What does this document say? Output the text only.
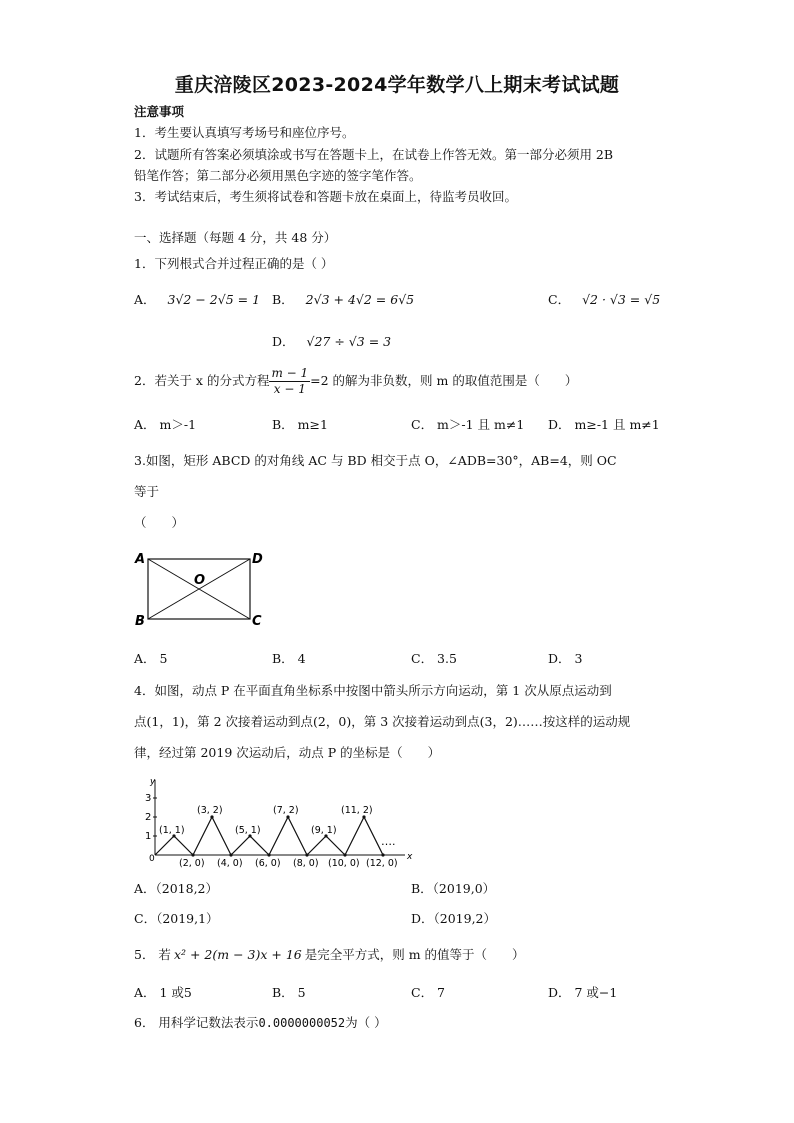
重庆涪陵区2023-2024学年数学八上期末考试试题
注意事项
1．考生要认真填写考场号和座位序号。
2．试题所有答案必须填涂或书写在答题卡上，在试卷上作答无效。第一部分必须用 2B
铅笔作答；第二部分必须用黑色字迹的签字笔作答。
3．考试结束后，考生须将试卷和答题卡放在桌面上，待监考员收回。
一、选择题（每题 4 分，共 48 分）
1．下列根式合并过程正确的是（ ）
A． 3√2 − 2√5 = 1 B． 2√3 + 4√2 = 6√5	C． √2 · √3 = √5
D． √27 ÷ √3 = 3
2．若关于 x 的分式方程 $\frac{m - 1}{x - 1} =2$ 的解为非负数，则 m 的取值范围是（　　）
A． m＞-1	B． m≥1	C． m＞-1 且 m≠1 D． m≥-1 且 m≠1
3.如图，矩形 ABCD 的对角线 AC 与 BD 相交于点 O，∠ADB=30°，AB=4，则 OC
等于
（　　）
A	D
B	C
O
A． 5	B． 4	C． 3.5	D． 3
4．如图，动点 P 在平面直角坐标系中按图中箭头所示方向运动，第 1 次从原点运动到
点(1，1)，第 2 次接着运动到点(2，0)，第 3 次接着运动到点(3，2)……按这样的运动规
律，经过第 2019 次运动后，动点 P 的坐标是（　　）
x
y
0
3
2
1
(1, 1)
(3, 2)
(5, 1)
(7, 2)
(9, 1)
(11, 2)
(2, 0) (4, 0) (6, 0) (8, 0) (10, 0) (12, 0)
….
A．（2018,2）	B．（2019,0）
C．（2019,1）	D．（2019,2）
5． 若 x² + 2(m − 3)x + 16 是完全平方式，则 m 的值等于（　　）
A． 1 或5	B． 5	C． 7	D． 7 或−1
6． 用科学记数法表示0.0000000052为（ ）
